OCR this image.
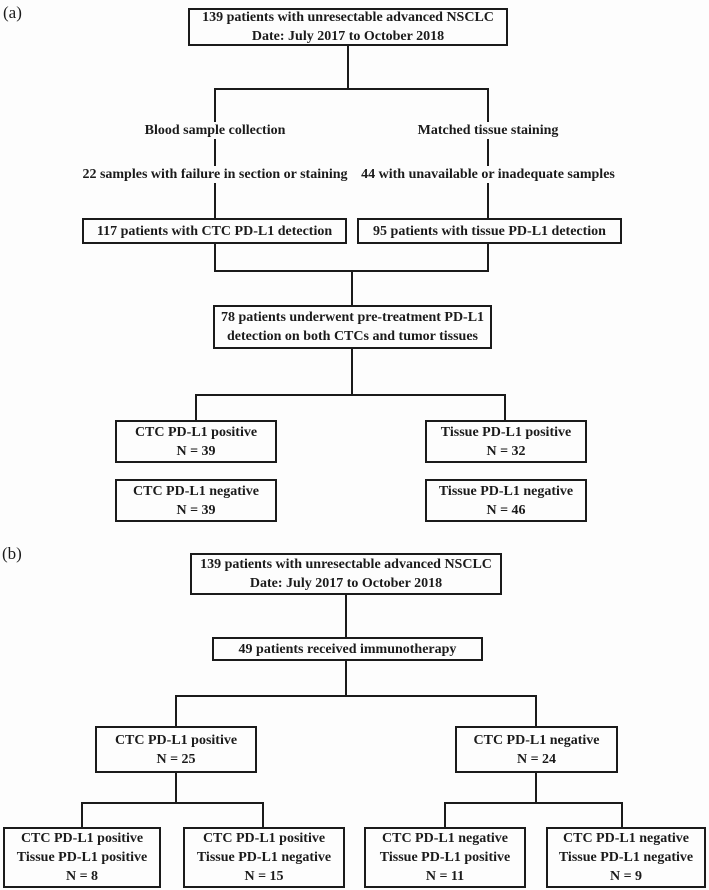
(a)
Blood sample collection	Matched tissue staining
22 samples with failure in section or staining 44 with unavailable or inadequate samples
139 patients with unresectable advanced NSCLC
Date: July 2017 to October 2018
117 patients with CTC PD-L1 detection	95 patients with tissue PD-L1 detection
78 patients underwent pre-treatment PD-L1
detection on both CTCs and tumor tissues
CTC PD-L1 positive
N = 39
Tissue PD-L1 positive
N = 32
CTC PD-L1 negative
N = 39
Tissue PD-L1 negative
N = 46
(b)
139 patients with unresectable advanced NSCLC
Date: July 2017 to October 2018
49 patients received immunotherapy
CTC PD-L1 positive
N = 25
CTC PD-L1 negative
N = 24
CTC PD-L1 positive
Tissue PD-L1 positive
N = 8
CTC PD-L1 positive
Tissue PD-L1 negative
N = 15
CTC PD-L1 negative
Tissue PD-L1 positive
N = 11
CTC PD-L1 negative
Tissue PD-L1 negative
N = 9
